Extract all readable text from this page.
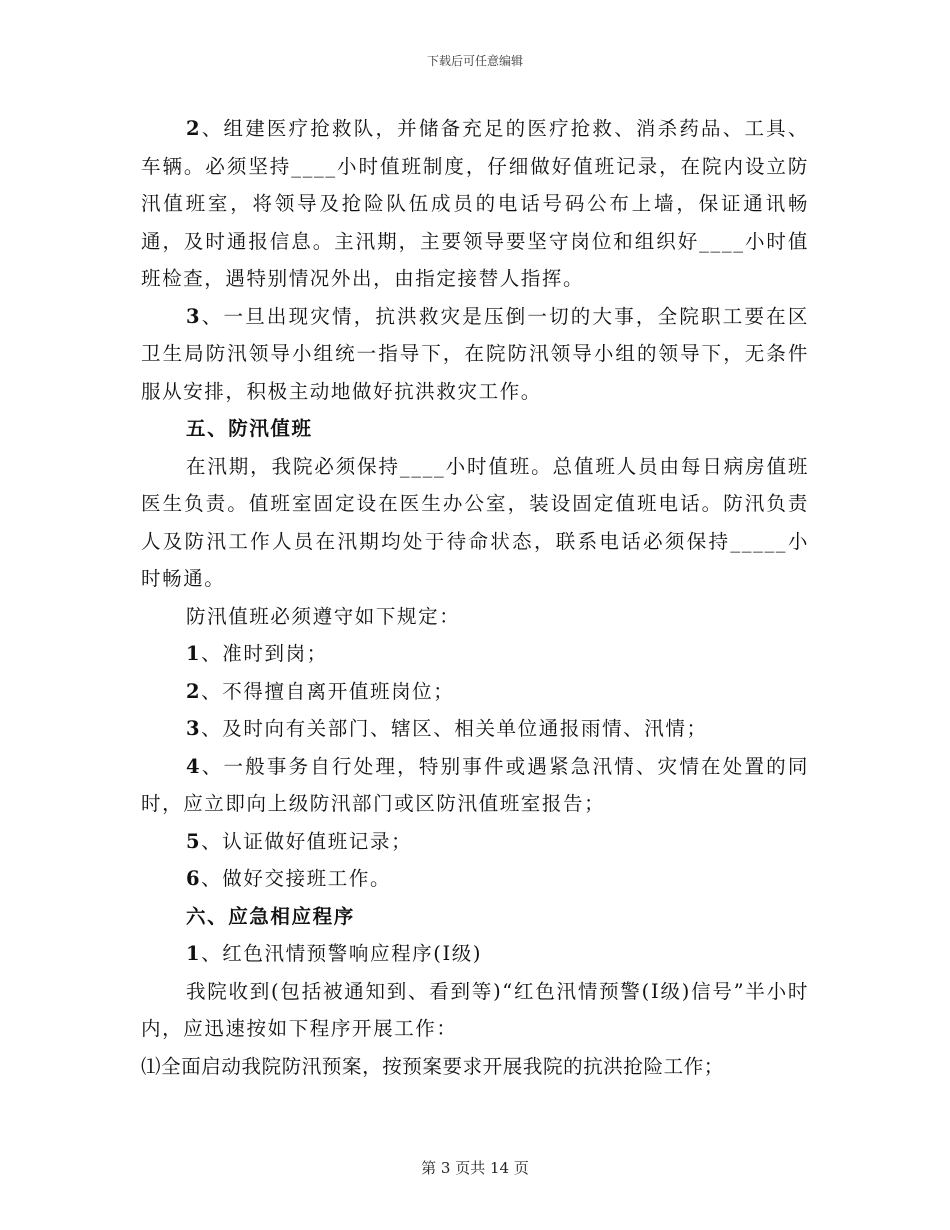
下载后可任意编辑

2、组建医疗抢救队，并储备充足的医疗抢救、消杀药品、工具、车辆。必须坚持____小时值班制度，仔细做好值班记录，在院内设立防汛值班室，将领导及抢险队伍成员的电话号码公布上墙，保证通讯畅通，及时通报信息。主汛期，主要领导要坚守岗位和组织好____小时值班检查，遇特别情况外出，由指定接替人指挥。

3、一旦出现灾情，抗洪救灾是压倒一切的大事，全院职工要在区卫生局防汛领导小组统一指导下，在院防汛领导小组的领导下，无条件服从安排，积极主动地做好抗洪救灾工作。

五、防汛值班

在汛期，我院必须保持____小时值班。总值班人员由每日病房值班医生负责。值班室固定设在医生办公室，装设固定值班电话。防汛负责人及防汛工作人员在汛期均处于待命状态，联系电话必须保持_____小时畅通。

防汛值班必须遵守如下规定：

1、准时到岗；

2、不得擅自离开值班岗位；

3、及时向有关部门、辖区、相关单位通报雨情、汛情；

4、一般事务自行处理，特别事件或遇紧急汛情、灾情在处置的同时，应立即向上级防汛部门或区防汛值班室报告；

5、认证做好值班记录；

6、做好交接班工作。

六、应急相应程序

1、红色汛情预警响应程序(Ⅰ级)

我院收到(包括被通知到、看到等)“红色汛情预警(Ⅰ级)信号”半小时内，应迅速按如下程序开展工作：

⑴全面启动我院防汛预案，按预案要求开展我院的抗洪抢险工作；

第 3 页共 14 页
